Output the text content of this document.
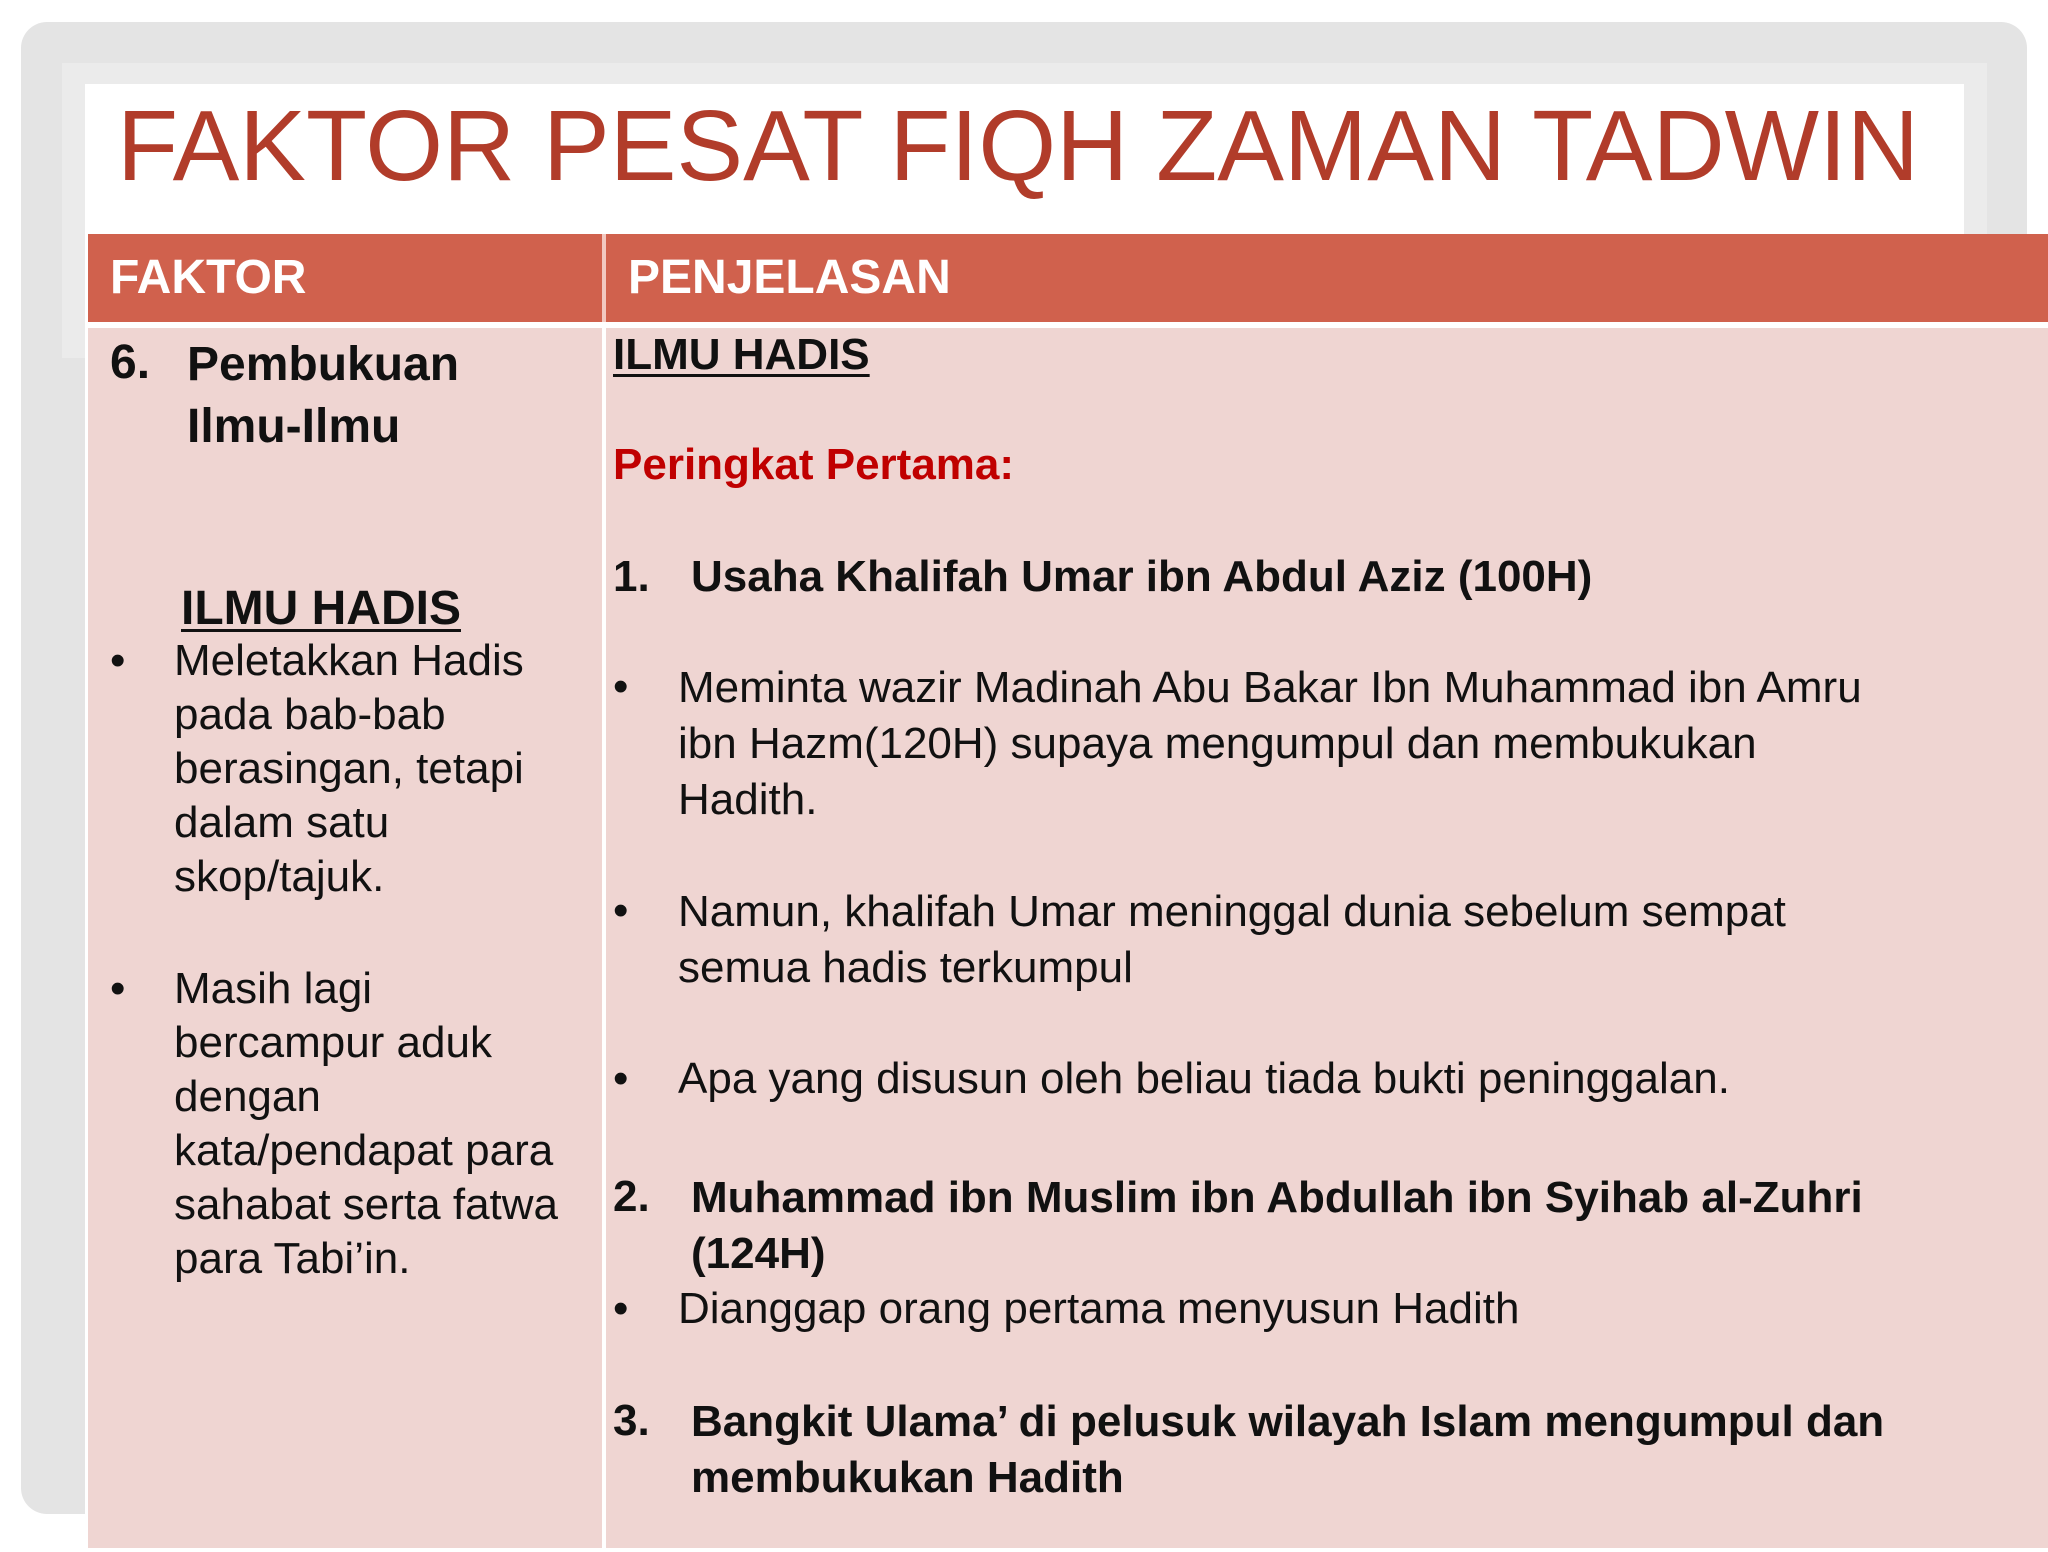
FAKTOR PESAT FIQH ZAMAN TADWIN
FAKTOR	PENJELASAN
6. Pembukuan
Ilmu-Ilmu
ILMU HADIS
• Meletakkan Hadis
pada bab-bab
berasingan, tetapi
dalam satu
skop/tajuk.
• Masih lagi
bercampur aduk
dengan
kata/pendapat para
sahabat serta fatwa
para Tabi’in.
ILMU HADIS
Peringkat Pertama:
1. Usaha Khalifah Umar ibn Abdul Aziz (100H)
• Meminta wazir Madinah Abu Bakar Ibn Muhammad ibn Amru
ibn Hazm(120H) supaya mengumpul dan membukukan
Hadith.
• Namun, khalifah Umar meninggal dunia sebelum sempat
semua hadis terkumpul
• Apa yang disusun oleh beliau tiada bukti peninggalan.
2. Muhammad ibn Muslim ibn Abdullah ibn Syihab al-Zuhri
(124H)
• Dianggap orang pertama menyusun Hadith
3. Bangkit Ulama’ di pelusuk wilayah Islam mengumpul dan
membukukan Hadith
